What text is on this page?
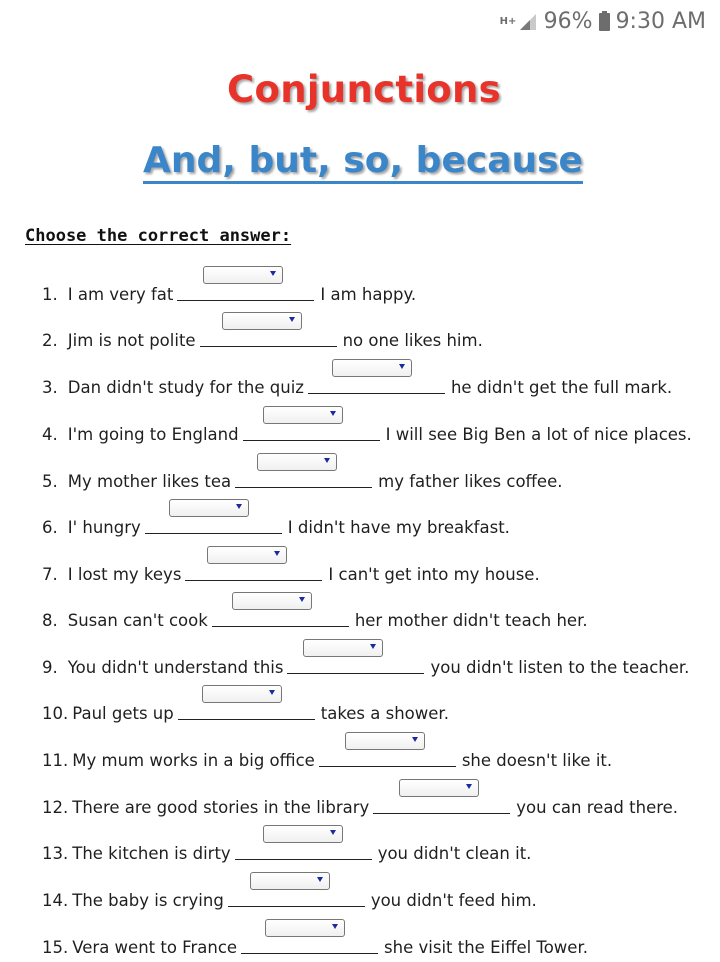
H+ 96% 9:30 AM
Conjunctions
And, but, so, because
Choose the correct answer:
1. I am very fat	I am happy.
2. Jim is not polite	no one likes him.
3. Dan didn't study for the quiz	he didn't get the full mark.
4. I'm going to England	I will see Big Ben a lot of nice places.
5. My mother likes tea	my father likes coffee.
6. I' hungry	I didn't have my breakfast.
7. I lost my keys	I can't get into my house.
8. Susan can't cook	her mother didn't teach her.
9. You didn't understand this	you didn't listen to the teacher.
10. Paul gets up	takes a shower.
11. My mum works in a big office	she doesn't like it.
12. There are good stories in the library	you can read there.
13. The kitchen is dirty	you didn't clean it.
14. The baby is crying	you didn't feed him.
15. Vera went to France	she visit the Eiffel Tower.
